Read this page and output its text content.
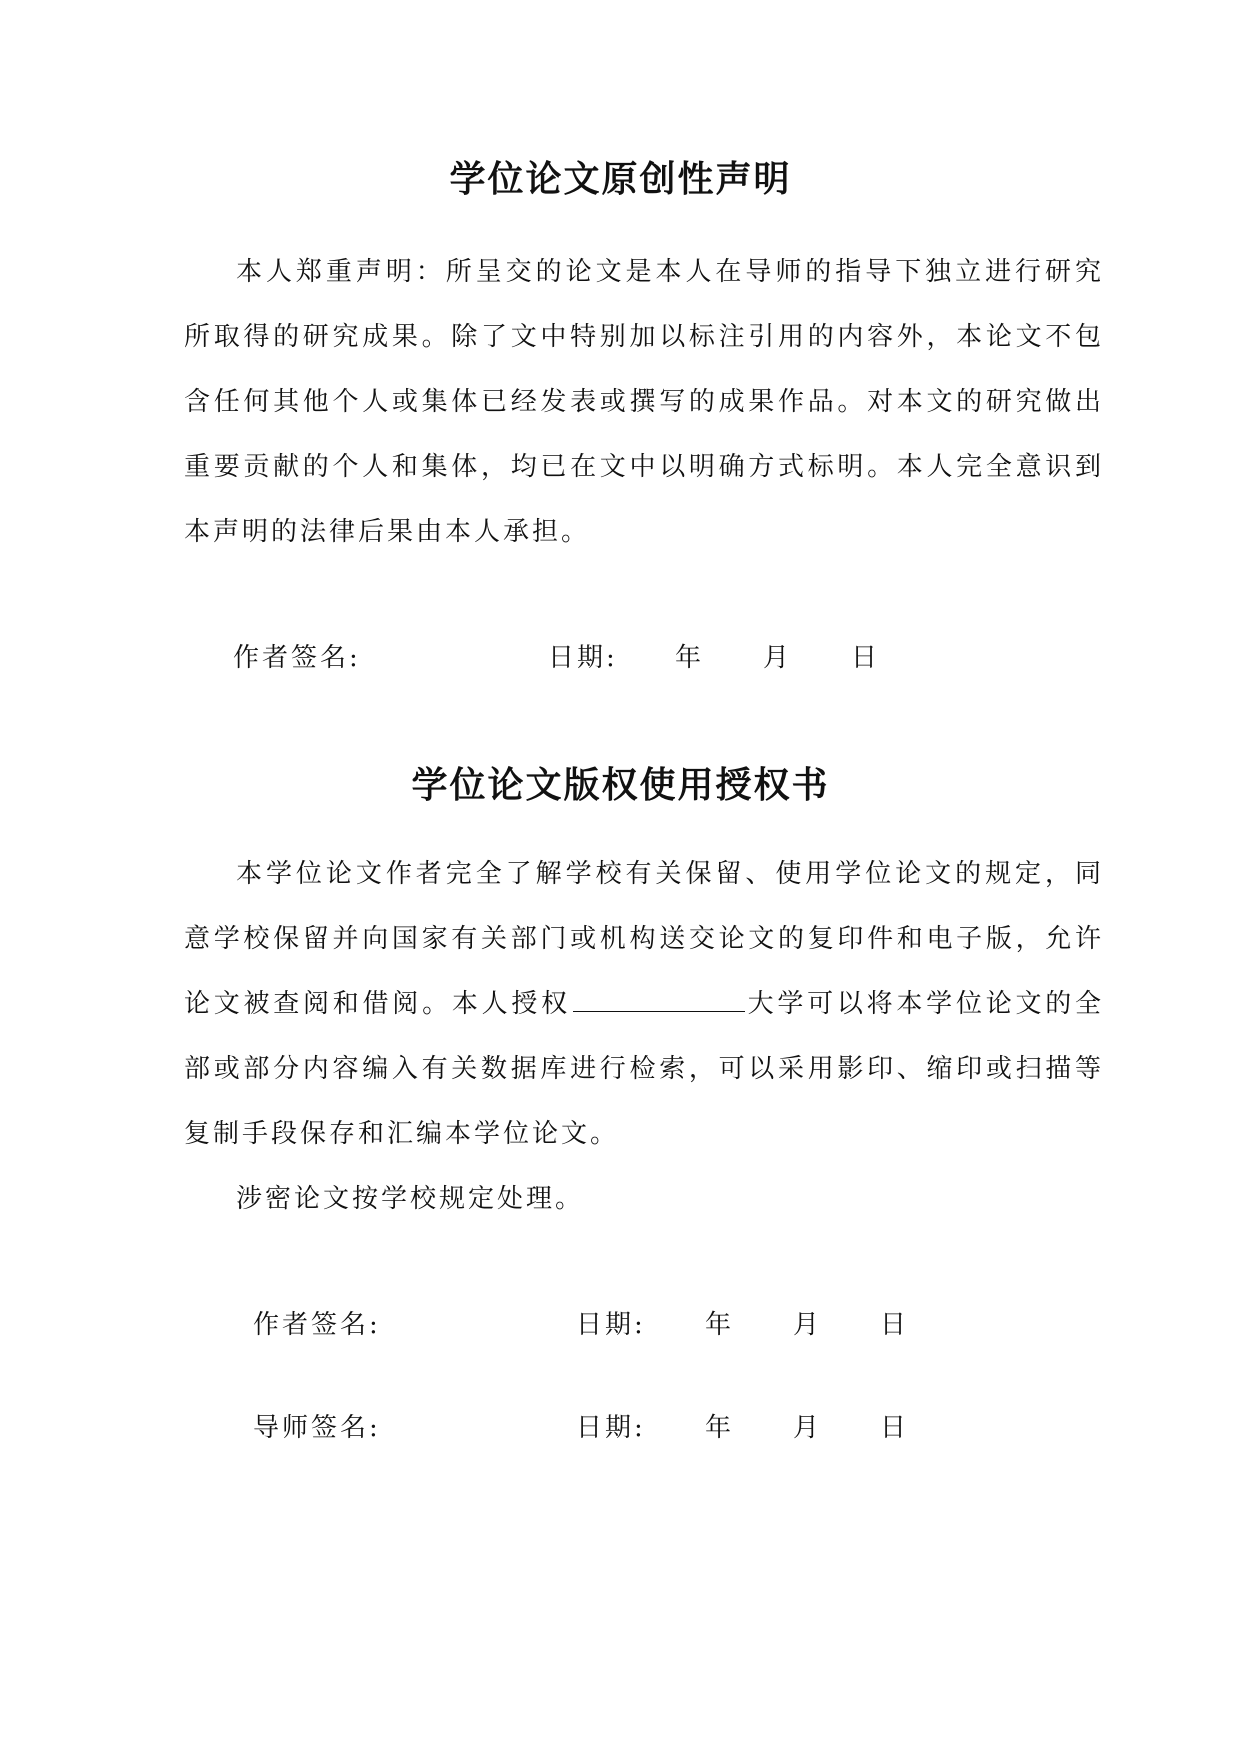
学位论文原创性声明

本人郑重声明：所呈交的论文是本人在导师的指导下独立进行研究所取得的研究成果。除了文中特别加以标注引用的内容外，本论文不包含任何其他个人或集体已经发表或撰写的成果作品。对本文的研究做出重要贡献的个人和集体，均已在文中以明确方式标明。本人完全意识到本声明的法律后果由本人承担。

作者签名:	日期: 年 月 日
学位论文版权使用授权书

本学位论文作者完全了解学校有关保留、使用学位论文的规定，同意学校保留并向国家有关部门或机构送交论文的复印件和电子版，允许论文被查阅和借阅。本人授权	大学可以将本学位论文的全部或部分内容编入有关数据库进行检索，可以采用影印、缩印或扫描等复制手段保存和汇编本学位论文。

涉密论文按学校规定处理。

作者签名:	日期: 年 月 日
导师签名:	日期: 年 月 日
